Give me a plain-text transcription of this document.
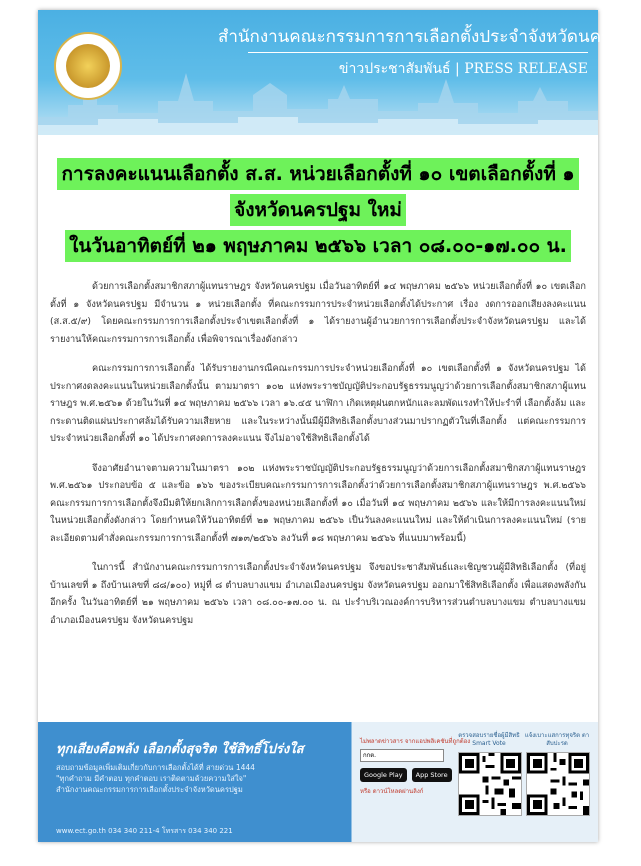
สำนักงานคณะกรรมการการเลือกตั้งประจำจังหวัดนครปฐม
ข่าวประชาสัมพันธ์ | PRESS RELEASE
การลงคะแนนเลือกตั้ง ส.ส. หน่วยเลือกตั้งที่ ๑๐ เขตเลือกตั้งที่ ๑
จังหวัดนครปฐม ใหม่
ในวันอาทิตย์ที่ ๒๑ พฤษภาคม ๒๕๖๖ เวลา ๐๘.๐๐-๑๗.๐๐ น.

ด้วยการเลือกตั้งสมาชิกสภาผู้แทนราษฎร จังหวัดนครปฐม เมื่อวันอาทิตย์ที่ ๑๔ พฤษภาคม ๒๕๖๖ หน่วยเลือกตั้งที่ ๑๐ เขตเลือกตั้งที่ ๑ จังหวัดนครปฐม มีจำนวน ๑ หน่วยเลือกตั้ง ที่คณะกรรมการประจำหน่วยเลือกตั้งได้ประกาศ เรื่อง งดการออกเสียงลงคะแนน (ส.ส.๕/๙) โดยคณะกรรมการการเลือกตั้งประจำเขตเลือกตั้งที่ ๑ ได้รายงานผู้อำนวยการการเลือกตั้งประจำจังหวัดนครปฐม และได้รายงานให้คณะกรรมการการเลือกตั้ง เพื่อพิจารณาเรื่องดังกล่าว

คณะกรรมการการเลือกตั้ง ได้รับรายงานกรณีคณะกรรมการประจำหน่วยเลือกตั้งที่ ๑๐ เขตเลือกตั้งที่ ๑ จังหวัดนครปฐม ได้ประกาศงดลงคะแนนในหน่วยเลือกตั้งนั้น ตามมาตรา ๑๐๒ แห่งพระราชบัญญัติประกอบรัฐธรรมนูญว่าด้วยการเลือกตั้งสมาชิกสภาผู้แทนราษฎร พ.ศ.๒๕๖๑ ด้วยในวันที่ ๑๔ พฤษภาคม ๒๕๖๖ เวลา ๑๖.๔๕ นาฬิกา เกิดเหตุฝนตกหนักและลมพัดแรงทำให้ปะรำที่ เลือกตั้งล้ม และกระดานติดแผ่นประกาศล้มได้รับความเสียหาย และในระหว่างนั้นมีผู้มีสิทธิเลือกตั้งบางส่วนมาปรากฏตัวในที่เลือกตั้ง แต่คณะกรรมการประจำหน่วยเลือกตั้งที่ ๑๐ ได้ประกาศงดการลงคะแนน จึงไม่อาจใช้สิทธิเลือกตั้งได้

จึงอาศัยอำนาจตามความในมาตรา ๑๐๒ แห่งพระราชบัญญัติประกอบรัฐธรรมนูญว่าด้วยการเลือกตั้งสมาชิกสภาผู้แทนราษฎร พ.ศ.๒๕๖๑ ประกอบข้อ ๕ และข้อ ๑๖๖ ของระเบียบคณะกรรมการการเลือกตั้งว่าด้วยการเลือกตั้งสมาชิกสภาผู้แทนราษฎร พ.ศ.๒๕๖๖ คณะกรรมการการเลือกตั้งจึงมีมติให้ยกเลิกการเลือกตั้งของหน่วยเลือกตั้งที่ ๑๐ เมื่อวันที่ ๑๔ พฤษภาคม ๒๕๖๖ และให้มีการลงคะแนนใหม่ในหน่วยเลือกตั้งดังกล่าว โดยกำหนดให้วันอาทิตย์ที่ ๒๑ พฤษภาคม ๒๕๖๖ เป็นวันลงคะแนนใหม่ และให้ดำเนินการลงคะแนนใหม่ (รายละเอียดตามคำสั่งคณะกรรมการการเลือกตั้งที่ ๗๑๓/๒๕๖๖ ลงวันที่ ๑๘ พฤษภาคม ๒๕๖๖ ที่แนบมาพร้อมนี้)

ในการนี้ สำนักงานคณะกรรมการการเลือกตั้งประจำจังหวัดนครปฐม จึงขอประชาสัมพันธ์และเชิญชวนผู้มีสิทธิเลือกตั้ง (ที่อยู่บ้านเลขที่ ๑ ถึงบ้านเลขที่ ๘๘/๑๐๐) หมู่ที่ ๘ ตำบลบางแขม อำเภอเมืองนครปฐม จังหวัดนครปฐม ออกมาใช้สิทธิเลือกตั้ง เพื่อแสดงพลังกันอีกครั้ง ในวันอาทิตย์ที่ ๒๑ พฤษภาคม ๒๕๖๖ เวลา ๐๘.๐๐-๑๗.๐๐ น. ณ ปะรำบริเวณองค์การบริหารส่วนตำบลบางแขม ตำบลบางแขม อำเภอเมืองนครปฐม จังหวัดนครปฐม

ทุกเสียงคือพลัง เลือกตั้งสุจริต ใช้สิทธิ์โปร่งใส
สอบถามข้อมูลเพิ่มเติมเกี่ยวกับการเลือกตั้งได้ที่ สายด่วน 1444
"ทุกคำถาม มีคำตอบ ทุกคำตอบ เราติดตามด้วยความใส่ใจ"
สำนักงานคณะกรรมการการเลือกตั้งประจำจังหวัดนครปฐม
www.ect.go.th 034 340 211-4 โทรสาร 034 340 221
ไม่พลาดข่าวสาร จากแอปพลิเคชันที่ถูกต้อง
กกต.
Google Play App Store
หรือ ดาวน์โหลดผ่านลิงก์
ตรวจสอบรายชื่อผู้มีสิทธิ Smart Vote
แจ้งเบาะแสการทุจริต ตาสับปะรด
